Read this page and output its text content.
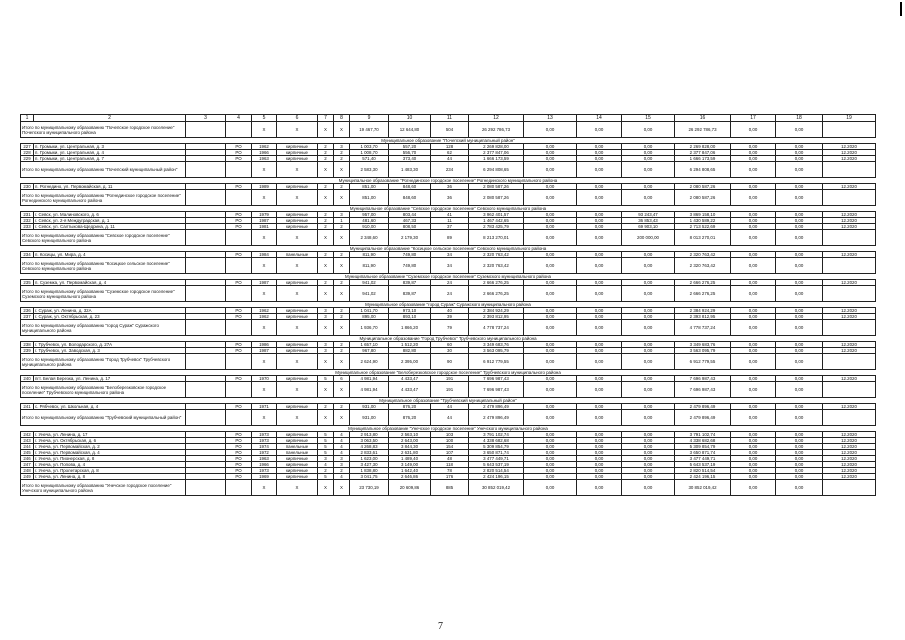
1	2	3	4	5	6	7	8	9	10	11	12	13	14	15	16	17	18	19
Итого по муниципальному образованию "Почепское городское поселение" Почепского муниципального района				X	X	X	X	19 467,70	12 644,80	504	26 292 786,73	0,00	0,00	0,00	26 292 786,73	0,00	0,00	
Муниципальное образование "Почепский муниципальный район"																		
227	п. Громыки, ул. Центральная, д. 3		РО	1962	кирпичные	2	3	1 003,70	557,20	128	2 269 828,00	0,00	0,00	0,00	2 269 828,00	0,00	0,00	12.2020
228	п. Громыки, ул. Центральная, д. 4		РО	1966	кирпичные	2	2	1 008,70	556,70	62	2 377 847,06	0,00	0,00	0,00	2 377 847,06	0,00	0,00	12.2020
229	п. Громыки, ул. Центральная, д. 7		РО	1963	кирпичные	2	2	571,40	373,40	44	1 666 173,59	0,00	0,00	0,00	1 666 173,59	0,00	0,00	12.2020
Итого по муниципальному образованию "Почепский муниципальный район"				X	X	X	X	2 583,30	1 483,30	234	6 294 808,65	0,00	0,00	0,00	6 294 808,65	0,00	0,00	
Муниципальное образование "Рогнединское городское поселение" Рогнединского муниципального района																		
230	п. Рогнедино, ул. Первомайская, д. 11		РО	1989	кирпичные	2	2	851,00	848,60	36	2 080 587,26	0,00	0,00	0,00	2 080 587,26	0,00	0,00	12.2020
Итого по муниципальному образованию "Рогнединское городское поселение" Рогнединского муниципального района				X	X	X	X	851,00	848,60	36	2 080 587,26	0,00	0,00	0,00	2 080 587,26	0,00	0,00	
Муниципальное образование "Севское городское поселение" Севского муниципального района																		
231	г. Севск, ул. Малиновского, д. 6		РО	1979	кирпичные	2	3	957,00	803,44	41	3 962 401,57	0,00	0,00	93 243,47	3 869 158,10	0,00	0,00	12.2020
232	г. Севск, ул. 2-я Междуградская, д. 1		РО	1987	кирпичные	2	1	481,60	467,33	11	1 467 442,65	0,00	0,00	36 853,43	1 430 589,22	0,00	0,00	12.2020
233	г. Севск, ул. Салтыкова-Щедрина, д. 11		РО	1981	кирпичные	2	2	910,00	808,50	37	2 783 425,79	0,00	0,00	69 903,10	2 713 522,69	0,00	0,00	12.2020
Итого по муниципальному образованию "Севское городское поселение" Севского муниципального района				X	X	X	X	2 348,60	2 179,30	89	8 213 270,01	0,00	0,00	200 000,00	8 013 270,01	0,00	0,00	
Муниципальное образование "Косицкое сельское поселение" Севского муниципального района																		
234	п. Косицы, ул. Мира, д. 4		РО	1984	панельные	2	2	811,90	749,80	34	2 320 763,42	0,00	0,00	0,00	2 320 763,42	0,00	0,00	12.2020
Итого по муниципальному образованию "Косицкое сельское поселение" Севского муниципального района				X	X	X	X	811,90	749,80	34	2 320 763,42	0,00	0,00	0,00	2 320 763,42	0,00	0,00	
Муниципальное образование "Суземское городское поселение" Суземского муниципального района																		
235	п. Суземка, ул. Первомайская, д. 4		РО	1987	кирпичные	2	2	941,02	839,87	24	2 666 276,25	0,00	0,00	0,00	2 666 276,25	0,00	0,00	12.2020
Итого по муниципальному образованию "Суземское городское поселение" Суземского муниципального района				X	X	X	X	941,02	839,87	24	2 666 276,25	0,00	0,00	0,00	2 666 276,25	0,00	0,00	
Муниципальное образование "город Сураж" Суражского муниципального района																		
236	г. Сураж, ул. Ленина, д. 32А		РО	1962	кирпичные	3	2	1 041,70	973,10	40	2 384 924,29	0,00	0,00	0,00	2 384 924,29	0,00	0,00	12.2020
237	г. Сураж, ул. Октябрьская, д. 23		РО	1962	кирпичные	3	2	895,00	893,10	39	2 393 812,95	0,00	0,00	0,00	2 393 812,95	0,00	0,00	12.2020
Итого по муниципальному образованию "город Сураж" Суражского муниципального района				X	X	X	X	1 936,70	1 866,20	79	4 778 737,24	0,00	0,00	0,00	4 778 737,24	0,00	0,00	
Муниципальное образование "Город Трубчевск" Трубчевского муниципального района																		
238	г. Трубчевск, ул. Володарского, д. 27А		РО	1986	кирпичные	3	2	1 657,10	1 512,20	60	3 349 683,76	0,00	0,00	0,00	3 349 683,76	0,00	0,00	12.2020
239	г. Трубчевск, ул. Заводская, д. 3		РО	1987	кирпичные	3	2	967,80	882,80	30	3 563 095,79	0,00	0,00	0,00	3 563 095,79	0,00	0,00	12.2020
Итого по муниципальному образованию "Город Трубчевск" Трубчевского муниципального района				X	X	X	X	2 624,90	2 395,00	90	6 912 779,55	0,00	0,00	0,00	6 912 779,55	0,00	0,00	
Муниципальное образование "Белоберезковское городское поселение" Трубчевского муниципального района																		
240	пгт. Белая Березка, ул. Ленина, д. 17		РО	1970	кирпичные	5	6	4 981,94	4 433,47	191	7 696 987,43	0,00	0,00	0,00	7 696 987,43	0,00	0,00	12.2020
Итого по муниципальному образованию "Белоберезковское городское поселение" Трубчевского муниципального района				X	X	X	X	4 981,94	4 433,47	191	7 696 987,43	0,00	0,00	0,00	7 696 987,43	0,00	0,00	
Муниципальное образование "Трубчевский муниципальный район"																		
241	с. Рябчевск, ул. Школьная, д. 4		РО	1971	кирпичные	2	2	931,00	876,20	44	2 479 896,49	0,00	0,00	0,00	2 479 896,49	0,00	0,00	12.2020
Итого по муниципальному образованию "Трубчевский муниципальный район"				X	X	X	X	931,00	876,20	44	2 479 896,49	0,00	0,00	0,00	2 479 896,49	0,00	0,00	
Муниципальное образование "Унечское городское поселение" Унечского муниципального района																		
242	г. Унеча, ул. Ленина, д. 17		РО	1973	кирпичные	5	4	2 913,80	2 563,10	103	3 791 102,74	0,00	0,00	0,00	3 791 102,74	0,00	0,00	12.2020
243	г. Унеча, ул. Октябрьская, д. 6		РО	1973	кирпичные	5	4	3 063,50	2 643,00	100	4 338 682,68	0,00	0,00	0,00	4 338 682,68	0,00	0,00	12.2020
244	г. Унеча, ул. Первомайская, д. 2		РО	1974	панельные	5	4	4 268,83	3 844,30	154	5 309 854,79	0,00	0,00	0,00	5 309 854,79	0,00	0,00	12.2020
245	г. Унеча, ул. Первомайская, д. 4		РО	1972	панельные	5	4	2 833,61	2 631,80	107	3 650 871,74	0,00	0,00	0,00	3 650 871,74	0,00	0,00	12.2020
246	г. Унеча, ул. Пионерская, д. 8		РО	1963	кирпичные	3	3	1 623,00	1 489,40	48	3 477 449,71	0,00	0,00	0,00	3 477 449,71	0,00	0,00	12.2020
247	г. Унеча, ул. Попова, д. 4		РО	1966	кирпичные	4	3	3 427,30	3 149,00	118	5 643 537,19	0,00	0,00	0,00	5 643 537,19	0,00	0,00	12.2020
248	г. Унеча, ул. Пролетарская, д. 8		РО	1973	кирпичные	2	2	1 838,80	1 642,40	78	2 820 514,54	0,00	0,00	0,00	2 820 514,54	0,00	0,00	12.2020
249	г. Унеча, ул. Ленина, д. 8		РО	1969	кирпичные	5	4	3 041,75	2 646,86	176	2 424 196,15	0,00	0,00	0,00	2 424 196,15	0,00	0,00	12.2020
Итого по муниципальному образованию "Унечское городское поселение" Унечского муниципального района				X	X	X	X	23 730,19	20 609,86	885	30 852 019,42	0,00	0,00	0,00	30 852 019,42	0,00	0,00	
7
